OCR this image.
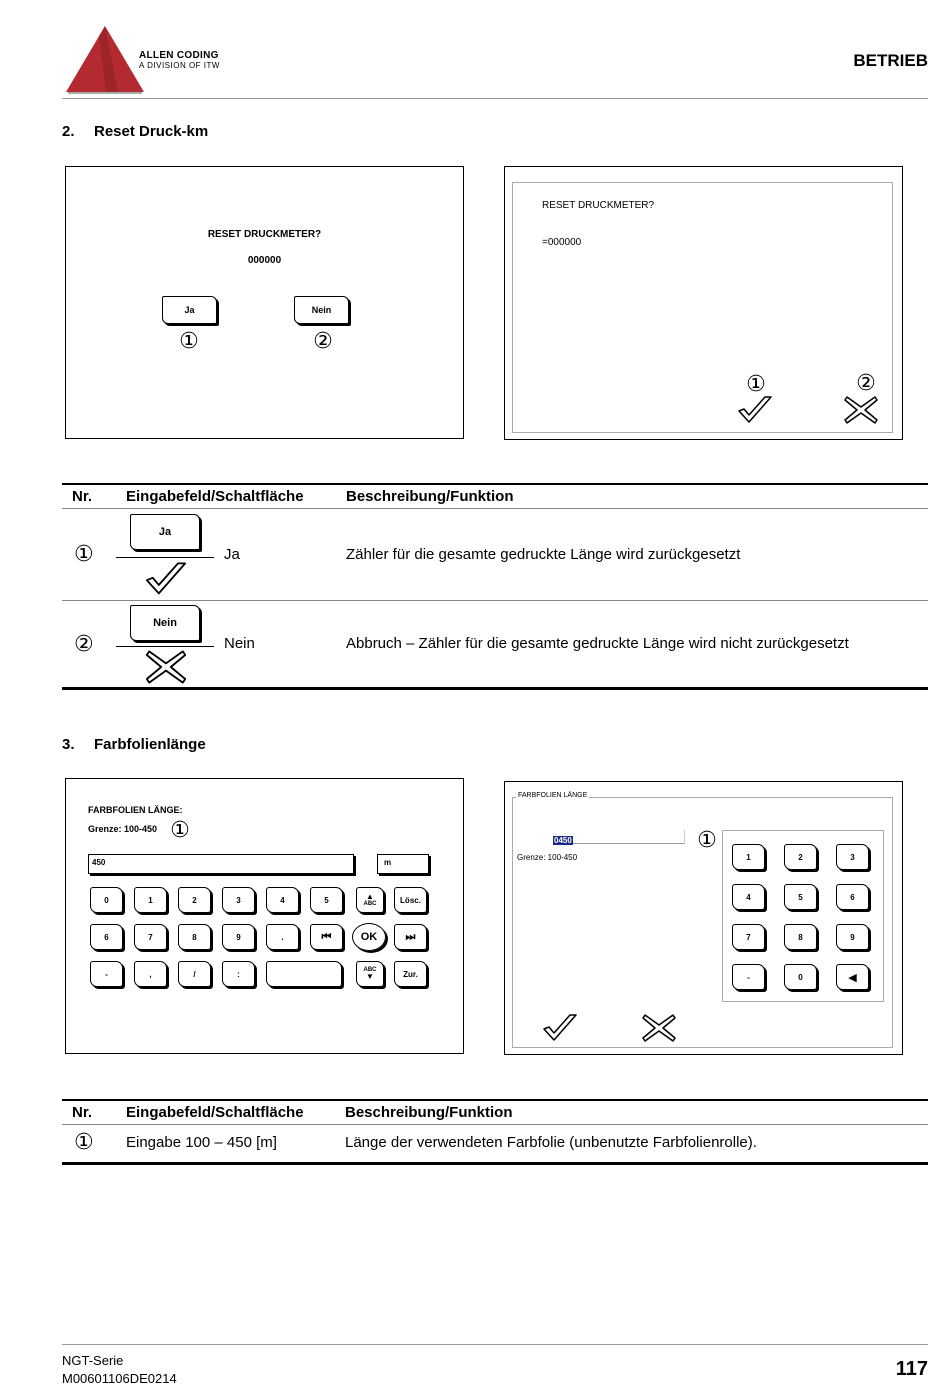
ALLEN CODING
A DIVISION OF ITW	BETRIEB
2. Reset Druck-km
RESET DRUCKMETER?
000000
Ja	Nein
①	②
RESET DRUCKMETER?
=000000
①	②
Nr. Eingabefeld/Schaltfläche	Beschreibung/Funktion
①
Ja
Ja	Zähler für die gesamte gedruckte Länge wird zurückgesetzt
②
Nein
Nein	Abbruch – Zähler für die gesamte gedruckte Länge wird nicht zurückgesetzt
3. Farbfolienlänge
FARBFOLIEN LÄNGE:
Grenze: 100-450 ①
450	m
0	1	2	3	4	5	▲
ABC	Lösc.
6	7	8	9	.	⏮	OK	⏭
-	,	/	:	ABC
▼	Zur.
FARBFOLIEN LÄNGE
0450
Grenze: 100-450
①
1	2	3
4	5	6
7	8	9
-	0	◀
Nr. Eingabefeld/Schaltfläche	Beschreibung/Funktion
① Eingabe 100 – 450 [m]	Länge der verwendeten Farbfolie (unbenutzte Farbfolienrolle).
NGT-Serie
M00601106DE0214	117
